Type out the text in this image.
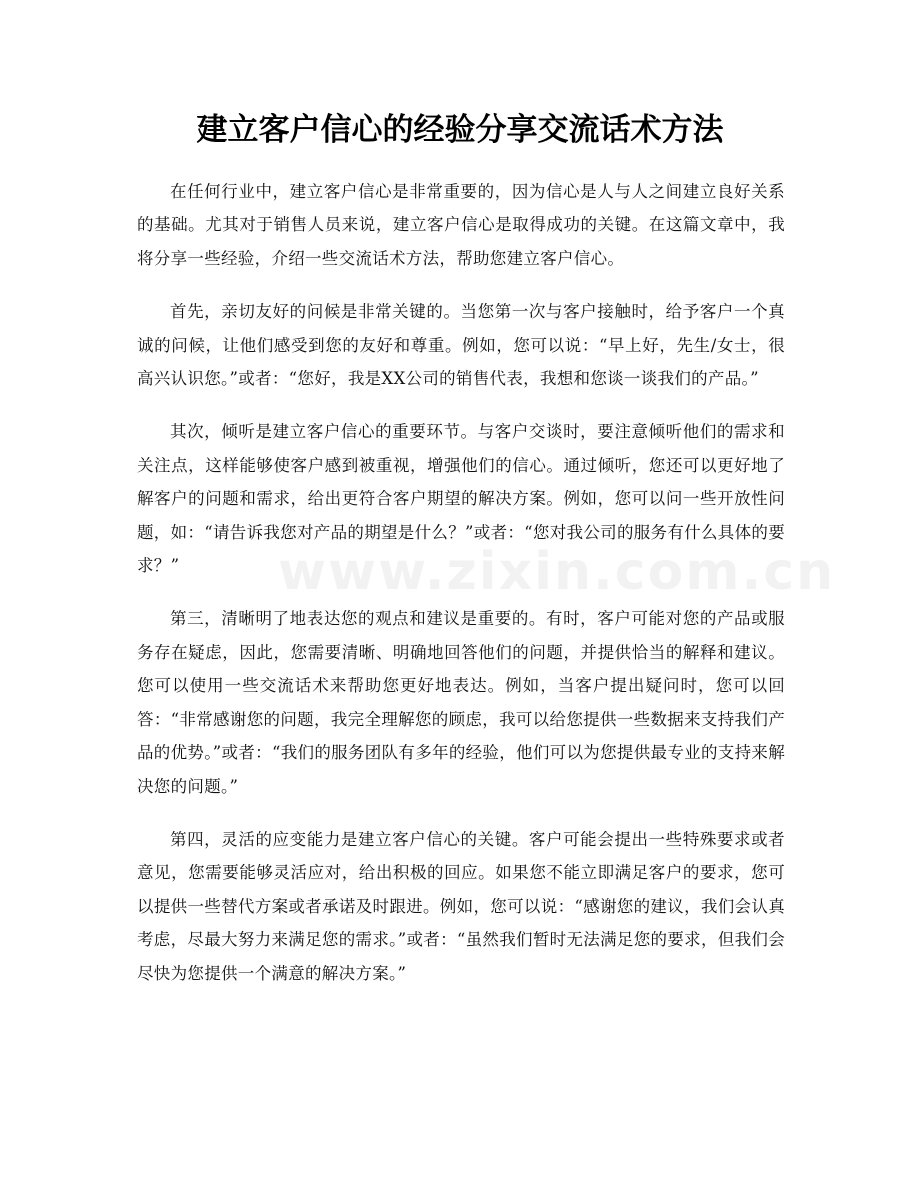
建立客户信心的经验分享交流话术方法
www.zixin.com.cn

在任何行业中，建立客户信心是非常重要的，因为信心是人与人之间建立良好关系的基础。尤其对于销售人员来说，建立客户信心是取得成功的关键。在这篇文章中，我将分享一些经验，介绍一些交流话术方法，帮助您建立客户信心。

首先，亲切友好的问候是非常关键的。当您第一次与客户接触时，给予客户一个真诚的问候，让他们感受到您的友好和尊重。例如，您可以说：“早上好，先生/女士，很高兴认识您。”或者：“您好，我是XX公司的销售代表，我想和您谈一谈我们的产品。”

其次，倾听是建立客户信心的重要环节。与客户交谈时，要注意倾听他们的需求和关注点，这样能够使客户感到被重视，增强他们的信心。通过倾听，您还可以更好地了解客户的问题和需求，给出更符合客户期望的解决方案。例如，您可以问一些开放性问题，如：“请告诉我您对产品的期望是什么？”或者：“您对我公司的服务有什么具体的要求？”

第三，清晰明了地表达您的观点和建议是重要的。有时，客户可能对您的产品或服务存在疑虑，因此，您需要清晰、明确地回答他们的问题，并提供恰当的解释和建议。您可以使用一些交流话术来帮助您更好地表达。例如，当客户提出疑问时，您可以回答：“非常感谢您的问题，我完全理解您的顾虑，我可以给您提供一些数据来支持我们产品的优势。”或者：“我们的服务团队有多年的经验，他们可以为您提供最专业的支持来解决您的问题。”

第四，灵活的应变能力是建立客户信心的关键。客户可能会提出一些特殊要求或者意见，您需要能够灵活应对，给出积极的回应。如果您不能立即满足客户的要求，您可以提供一些替代方案或者承诺及时跟进。例如，您可以说：“感谢您的建议，我们会认真考虑，尽最大努力来满足您的需求。”或者：“虽然我们暂时无法满足您的要求，但我们会尽快为您提供一个满意的解决方案。”
